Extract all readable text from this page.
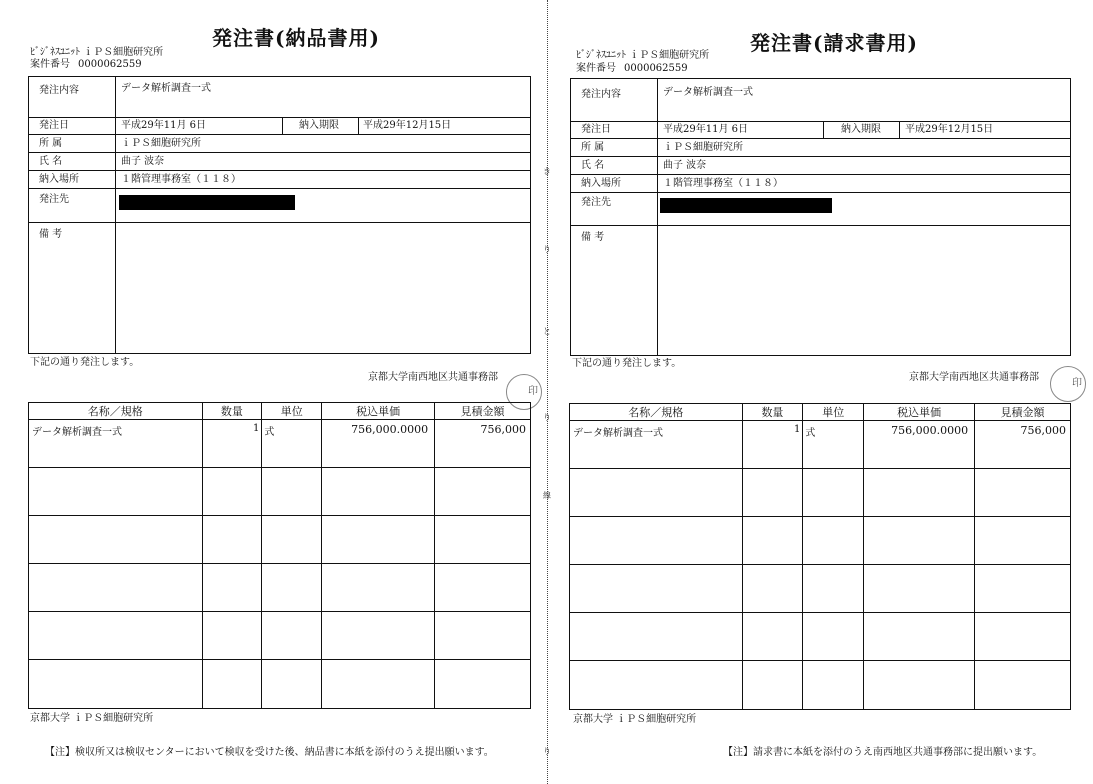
発注書(納品書用)
ﾋﾞｼﾞﾈｽﾕﾆｯﾄ ｉＰＳ細胞研究所
案件番号 0000062559
発注内容	データ解析調査一式
発注日	平成29年11月 6日	納入期限 平成29年12月15日
所 属	ｉＰＳ細胞研究所
氏 名	曲子 波奈
納入場所	１階管理事務室（１１８）
発注先
備 考
下記の通り発注します。
京都大学南西地区共通事務部
印
名称／規格	数量	単位	税込単価	見積金額

データ解析調査一式	1	式	756,000.0000	756,000

京都大学 ｉＰＳ細胞研究所
【注】検収所又は検収センターにおいて検収を受けた後、納品書に本紙を添付のうえ提出願います。
き
り
と
り
線
り
発注書(請求書用)
ﾋﾞｼﾞﾈｽﾕﾆｯﾄ ｉＰＳ細胞研究所
案件番号 0000062559
発注内容	データ解析調査一式
発注日	平成29年11月 6日	納入期限 平成29年12月15日
所 属	ｉＰＳ細胞研究所
氏 名	曲子 波奈
納入場所	１階管理事務室（１１８）
発注先
備 考
下記の通り発注します。
京都大学南西地区共通事務部
印
名称／規格	数量	単位	税込単価	見積金額

データ解析調査一式	1	式	756,000.0000	756,000

京都大学 ｉＰＳ細胞研究所
【注】請求書に本紙を添付のうえ南西地区共通事務部に提出願います。
